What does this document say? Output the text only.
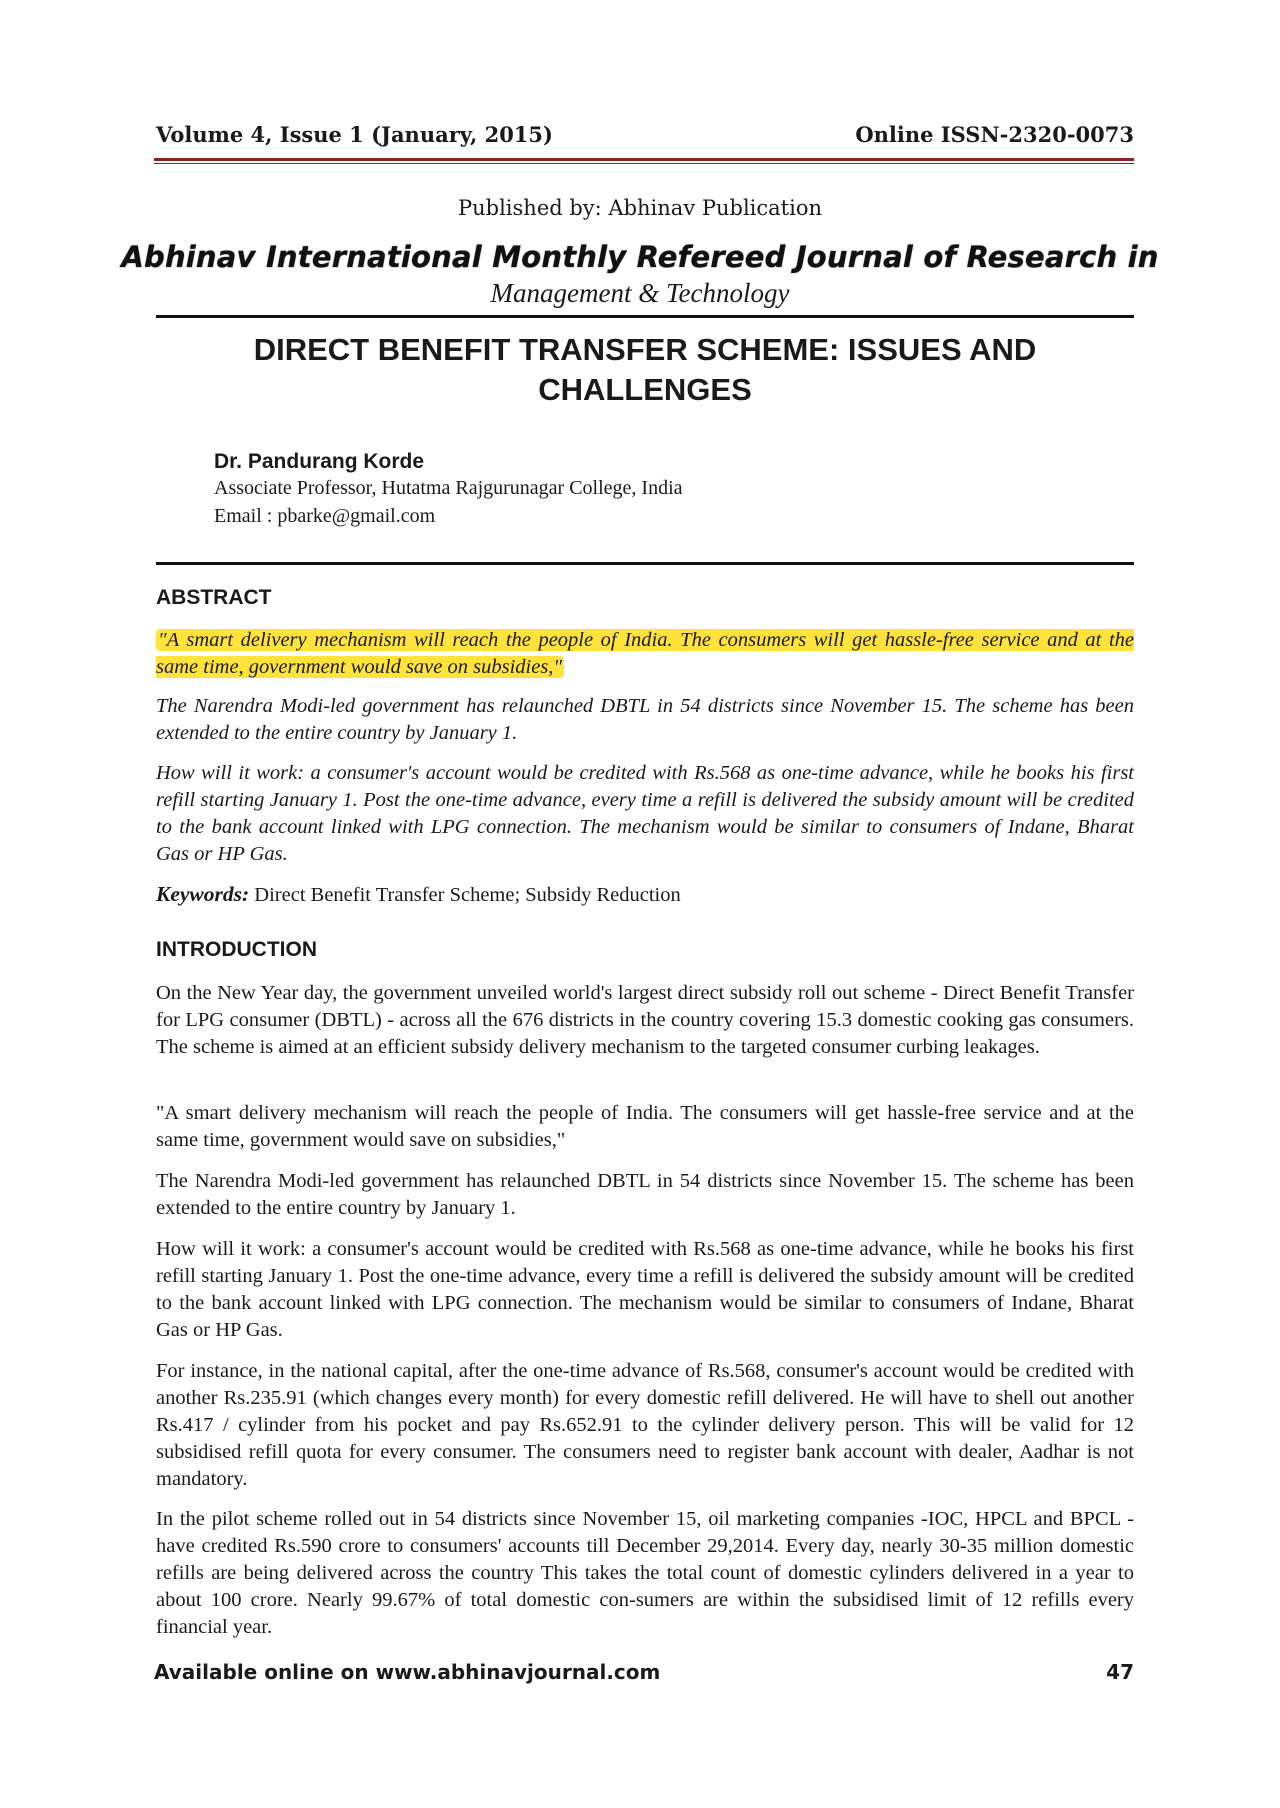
Volume 4, Issue 1 (January, 2015)	Online ISSN-2320-0073
Published by: Abhinav Publication
Abhinav International Monthly Refereed Journal of Research in
Management & Technology
DIRECT BENEFIT TRANSFER SCHEME: ISSUES AND CHALLENGES
Dr. Pandurang Korde
Associate Professor, Hutatma Rajgurunagar College, India
Email : pbarke@gmail.com
ABSTRACT
"A smart delivery mechanism will reach the people of India. The consumers will get hassle-free service and at the same time, government would save on subsidies,"
The Narendra Modi-led government has relaunched DBTL in 54 districts since November 15. The scheme has been extended to the entire country by January 1.
How will it work: a consumer's account would be credited with Rs.568 as one-time advance, while he books his first refill starting January 1. Post the one-time advance, every time a refill is delivered the subsidy amount will be credited to the bank account linked with LPG connection. The mechanism would be similar to consumers of Indane, Bharat Gas or HP Gas.
Keywords: Direct Benefit Transfer Scheme; Subsidy Reduction
INTRODUCTION
On the New Year day, the government unveiled world's largest direct subsidy roll out scheme - Direct Benefit Transfer for LPG consumer (DBTL) - across all the 676 districts in the country covering 15.3 domestic cooking gas consumers. The scheme is aimed at an efficient subsidy delivery mechanism to the targeted consumer curbing leakages.
"A smart delivery mechanism will reach the people of India. The consumers will get hassle-free service and at the same time, government would save on subsidies,"
The Narendra Modi-led government has relaunched DBTL in 54 districts since November 15. The scheme has been extended to the entire country by January 1.
How will it work: a consumer's account would be credited with Rs.568 as one-time advance, while he books his first refill starting January 1. Post the one-time advance, every time a refill is delivered the subsidy amount will be credited to the bank account linked with LPG connection. The mechanism would be similar to consumers of Indane, Bharat Gas or HP Gas.
For instance, in the national capital, after the one-time advance of Rs.568, consumer's account would be credited with another Rs.235.91 (which changes every month) for every domestic refill delivered. He will have to shell out another Rs.417 / cylinder from his pocket and pay Rs.652.91 to the cylinder delivery person. This will be valid for 12 subsidised refill quota for every consumer. The consumers need to register bank account with dealer, Aadhar is not mandatory.
In the pilot scheme rolled out in 54 districts since November 15, oil marketing companies -IOC, HPCL and BPCL - have credited Rs.590 crore to consumers' accounts till December 29,2014. Every day, nearly 30-35 million domestic refills are being delivered across the country This takes the total count of domestic cylinders delivered in a year to about 100 crore. Nearly 99.67% of total domestic con-sumers are within the subsidised limit of 12 refills every financial year.
Available online on www.abhinavjournal.com	47
